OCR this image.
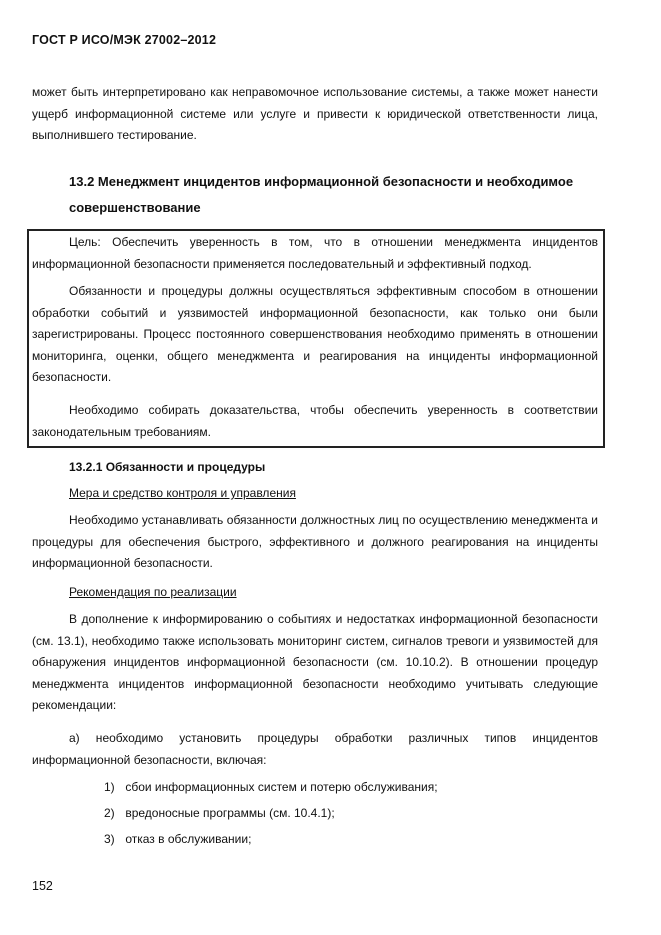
ГОСТ Р ИСО/МЭК 27002–2012
может быть интерпретировано как неправомочное использование системы, а также может нанести ущерб информационной системе или услуге и привести к юридической ответственности лица, выполнившего тестирование.
13.2 Менеджмент инцидентов информационной безопасности и необходимое совершенствование
Цель: Обеспечить уверенность в том, что в отношении менеджмента инцидентов информационной безопасности применяется последовательный и эффективный подход.
Обязанности и процедуры должны осуществляться эффективным способом в отношении обработки событий и уязвимостей информационной безопасности, как только они были зарегистрированы. Процесс постоянного совершенствования необходимо применять в отношении мониторинга, оценки, общего менеджмента и реагирования на инциденты информационной безопасности.
Необходимо собирать доказательства, чтобы обеспечить уверенность в соответствии законодательным требованиям.
13.2.1 Обязанности и процедуры
Мера и средство контроля и управления
Необходимо устанавливать обязанности должностных лиц по осуществлению менеджмента и процедуры для обеспечения быстрого, эффективного и должного реагирования на инциденты информационной безопасности.
Рекомендация по реализации
В дополнение к информированию о событиях и недостатках информационной безопасности (см. 13.1), необходимо также использовать мониторинг систем, сигналов тревоги и уязвимостей для обнаружения инцидентов информационной безопасности (см. 10.10.2). В отношении процедур менеджмента инцидентов информационной безопасности необходимо учитывать следующие рекомендации:
а) необходимо установить процедуры обработки различных типов инцидентов информационной безопасности, включая:
1) сбои информационных систем и потерю обслуживания;
2) вредоносные программы (см. 10.4.1);
3) отказ в обслуживании;
152
